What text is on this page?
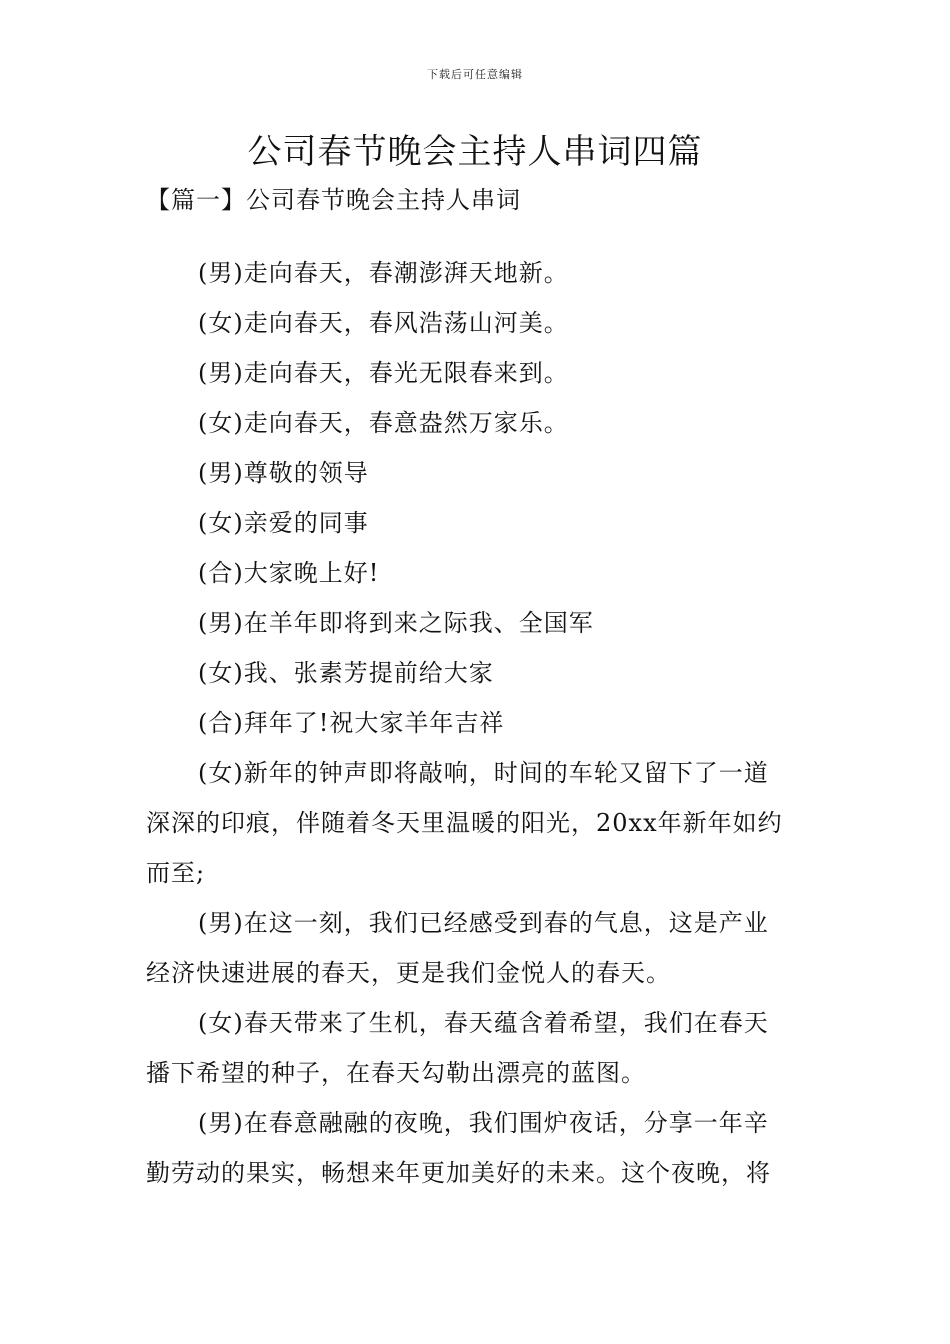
下载后可任意编辑
公司春节晚会主持人串词四篇
【篇一】公司春节晚会主持人串词
(男)走向春天，春潮澎湃天地新。
(女)走向春天，春风浩荡山河美。
(男)走向春天，春光无限春来到。
(女)走向春天，春意盎然万家乐。
(男)尊敬的领导
(女)亲爱的同事
(合)大家晚上好!
(男)在羊年即将到来之际我、全国军
(女)我、张素芳提前给大家
(合)拜年了!祝大家羊年吉祥
(女)新年的钟声即将敲响，时间的车轮又留下了一道
深深的印痕，伴随着冬天里温暖的阳光，20xx年新年如约
而至;
(男)在这一刻，我们已经感受到春的气息，这是产业
经济快速进展的春天，更是我们金悦人的春天。
(女)春天带来了生机，春天蕴含着希望，我们在春天
播下希望的种子，在春天勾勒出漂亮的蓝图。
(男)在春意融融的夜晚，我们围炉夜话，分享一年辛
勤劳动的果实，畅想来年更加美好的未来。这个夜晚，将
